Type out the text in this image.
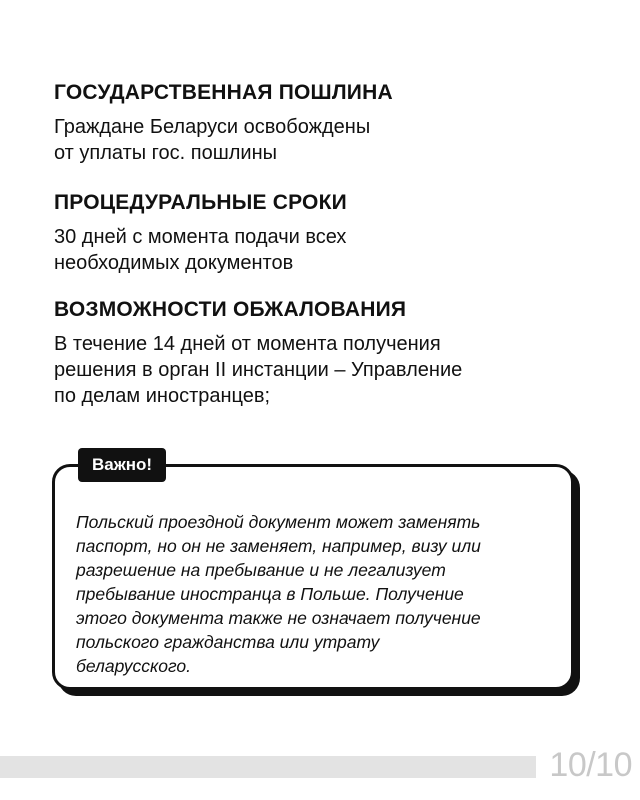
ГОСУДАРСТВЕННАЯ ПОШЛИНА
Граждане Беларуси освобождены
от уплаты гос. пошлины
ПРОЦЕДУРАЛЬНЫЕ СРОКИ
30 дней с момента подачи всех
необходимых документов
ВОЗМОЖНОСТИ ОБЖАЛОВАНИЯ
В течение 14 дней от момента получения
решения в орган II инстанции – Управление
по делам иностранцев;
Важно!
Польский проездной документ может заменять
паспорт, но он не заменяет, например, визу или
разрешение на пребывание и не легализует
пребывание иностранца в Польше. Получение
этого документа также не означает получение
польского гражданства или утрату
беларусского.
10/10
